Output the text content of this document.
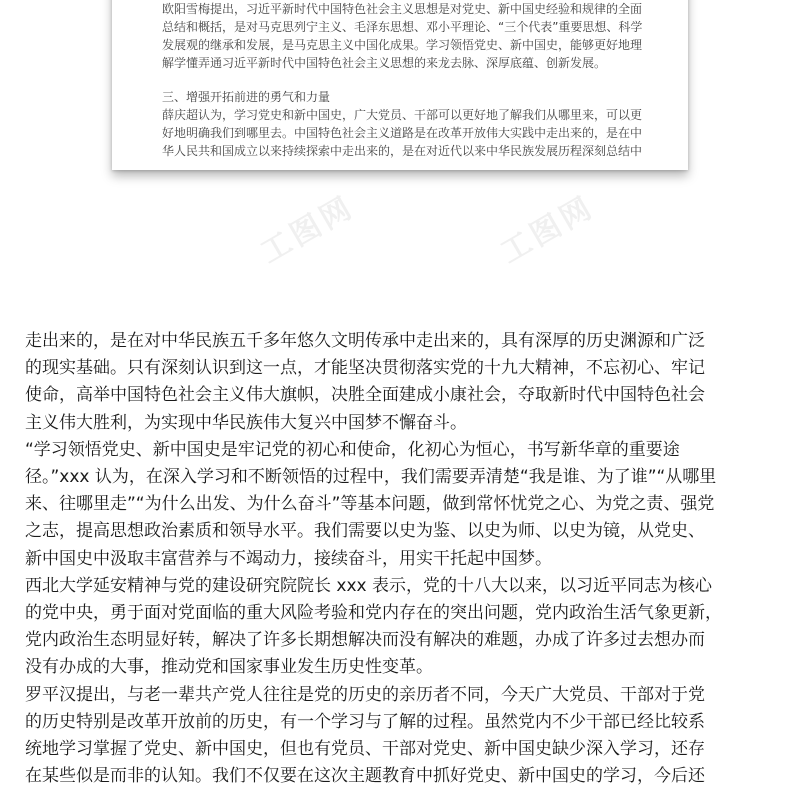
欧阳雪梅提出，习近平新时代中国特色社会主义思想是对党史、新中国史经验和规律的全面

总结和概括，是对马克思列宁主义、毛泽东思想、邓小平理论、“三个代表”重要思想、科学

发展观的继承和发展，是马克思主义中国化成果。学习领悟党史、新中国史，能够更好地理

解学懂弄通习近平新时代中国特色社会主义思想的来龙去脉、深厚底蕴、创新发展。

三、增强开拓前进的勇气和力量

薛庆超认为，学习党史和新中国史，广大党员、干部可以更好地了解我们从哪里来，可以更

好地明确我们到哪里去。中国特色社会主义道路是在改革开放伟大实践中走出来的，是在中

华人民共和国成立以来持续探索中走出来的，是在对近代以来中华民族发展历程深刻总结中

工图网	工图网

走出来的，是在对中华民族五千多年悠久文明传承中走出来的，具有深厚的历史渊源和广泛

的现实基础。只有深刻认识到这一点，才能坚决贯彻落实党的十九大精神，不忘初心、牢记

使命，高举中国特色社会主义伟大旗帜，决胜全面建成小康社会，夺取新时代中国特色社会

主义伟大胜利，为实现中华民族伟大复兴中国梦不懈奋斗。

“学习领悟党史、新中国史是牢记党的初心和使命，化初心为恒心，书写新华章的重要途

径。”xxx 认为，在深入学习和不断领悟的过程中，我们需要弄清楚“我是谁、为了谁”“从哪里

来、往哪里走”“为什么出发、为什么奋斗”等基本问题，做到常怀忧党之心、为党之责、强党

之志，提高思想政治素质和领导水平。我们需要以史为鉴、以史为师、以史为镜，从党史、

新中国史中汲取丰富营养与不竭动力，接续奋斗，用实干托起中国梦。

西北大学延安精神与党的建设研究院院长 xxx 表示，党的十八大以来，以习近平同志为核心

的党中央，勇于面对党面临的重大风险考验和党内存在的突出问题，党内政治生活气象更新，

党内政治生态明显好转，解决了许多长期想解决而没有解决的难题，办成了许多过去想办而

没有办成的大事，推动党和国家事业发生历史性变革。

罗平汉提出，与老一辈共产党人往往是党的历史的亲历者不同，今天广大党员、干部对于党

的历史特别是改革开放前的历史，有一个学习与了解的过程。虽然党内不少干部已经比较系

统地学习掌握了党史、新中国史，但也有党员、干部对党史、新中国史缺少深入学习，还存

在某些似是而非的认知。我们不仅要在这次主题教育中抓好党史、新中国史的学习，今后还
